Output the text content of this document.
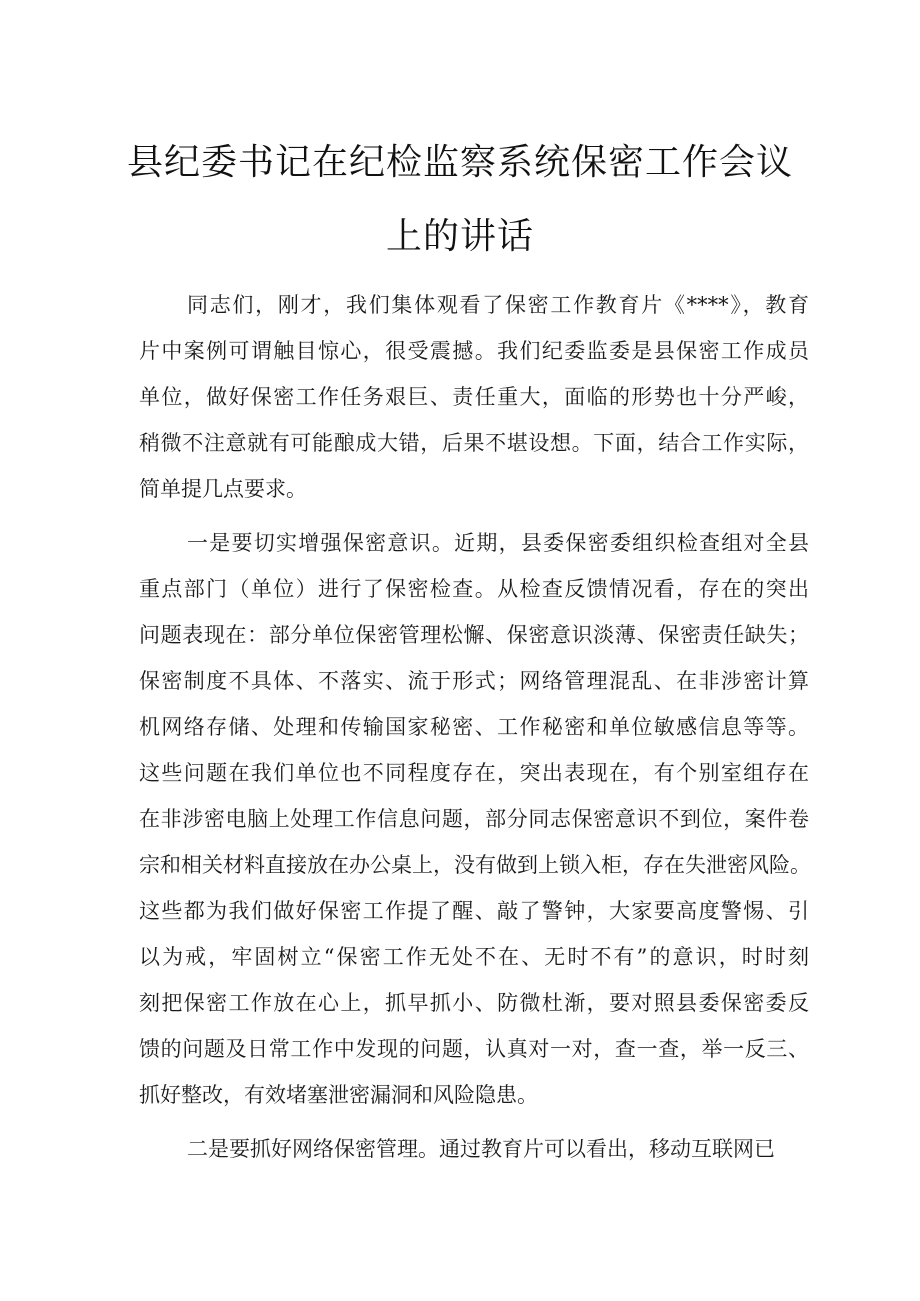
县纪委书记在纪检监察系统保密工作会议
上的讲话
同志们，刚才，我们集体观看了保密工作教育片《****》，教育
片中案例可谓触目惊心，很受震撼。我们纪委监委是县保密工作成员
单位，做好保密工作任务艰巨、责任重大，面临的形势也十分严峻，
稍微不注意就有可能酿成大错，后果不堪设想。下面，结合工作实际，
简单提几点要求。
一是要切实增强保密意识。近期，县委保密委组织检查组对全县
重点部门（单位）进行了保密检查。从检查反馈情况看，存在的突出
问题表现在：部分单位保密管理松懈、保密意识淡薄、保密责任缺失；
保密制度不具体、不落实、流于形式；网络管理混乱、在非涉密计算
机网络存储、处理和传输国家秘密、工作秘密和单位敏感信息等等。
这些问题在我们单位也不同程度存在，突出表现在，有个别室组存在
在非涉密电脑上处理工作信息问题，部分同志保密意识不到位，案件卷
宗和相关材料直接放在办公桌上，没有做到上锁入柜，存在失泄密风险。
这些都为我们做好保密工作提了醒、敲了警钟，大家要高度警惕、引
以为戒，牢固树立“保密工作无处不在、无时不有”的意识，时时刻
刻把保密工作放在心上，抓早抓小、防微杜渐，要对照县委保密委反
馈的问题及日常工作中发现的问题，认真对一对，查一查，举一反三、
抓好整改，有效堵塞泄密漏洞和风险隐患。
二是要抓好网络保密管理。通过教育片可以看出，移动互联网已
